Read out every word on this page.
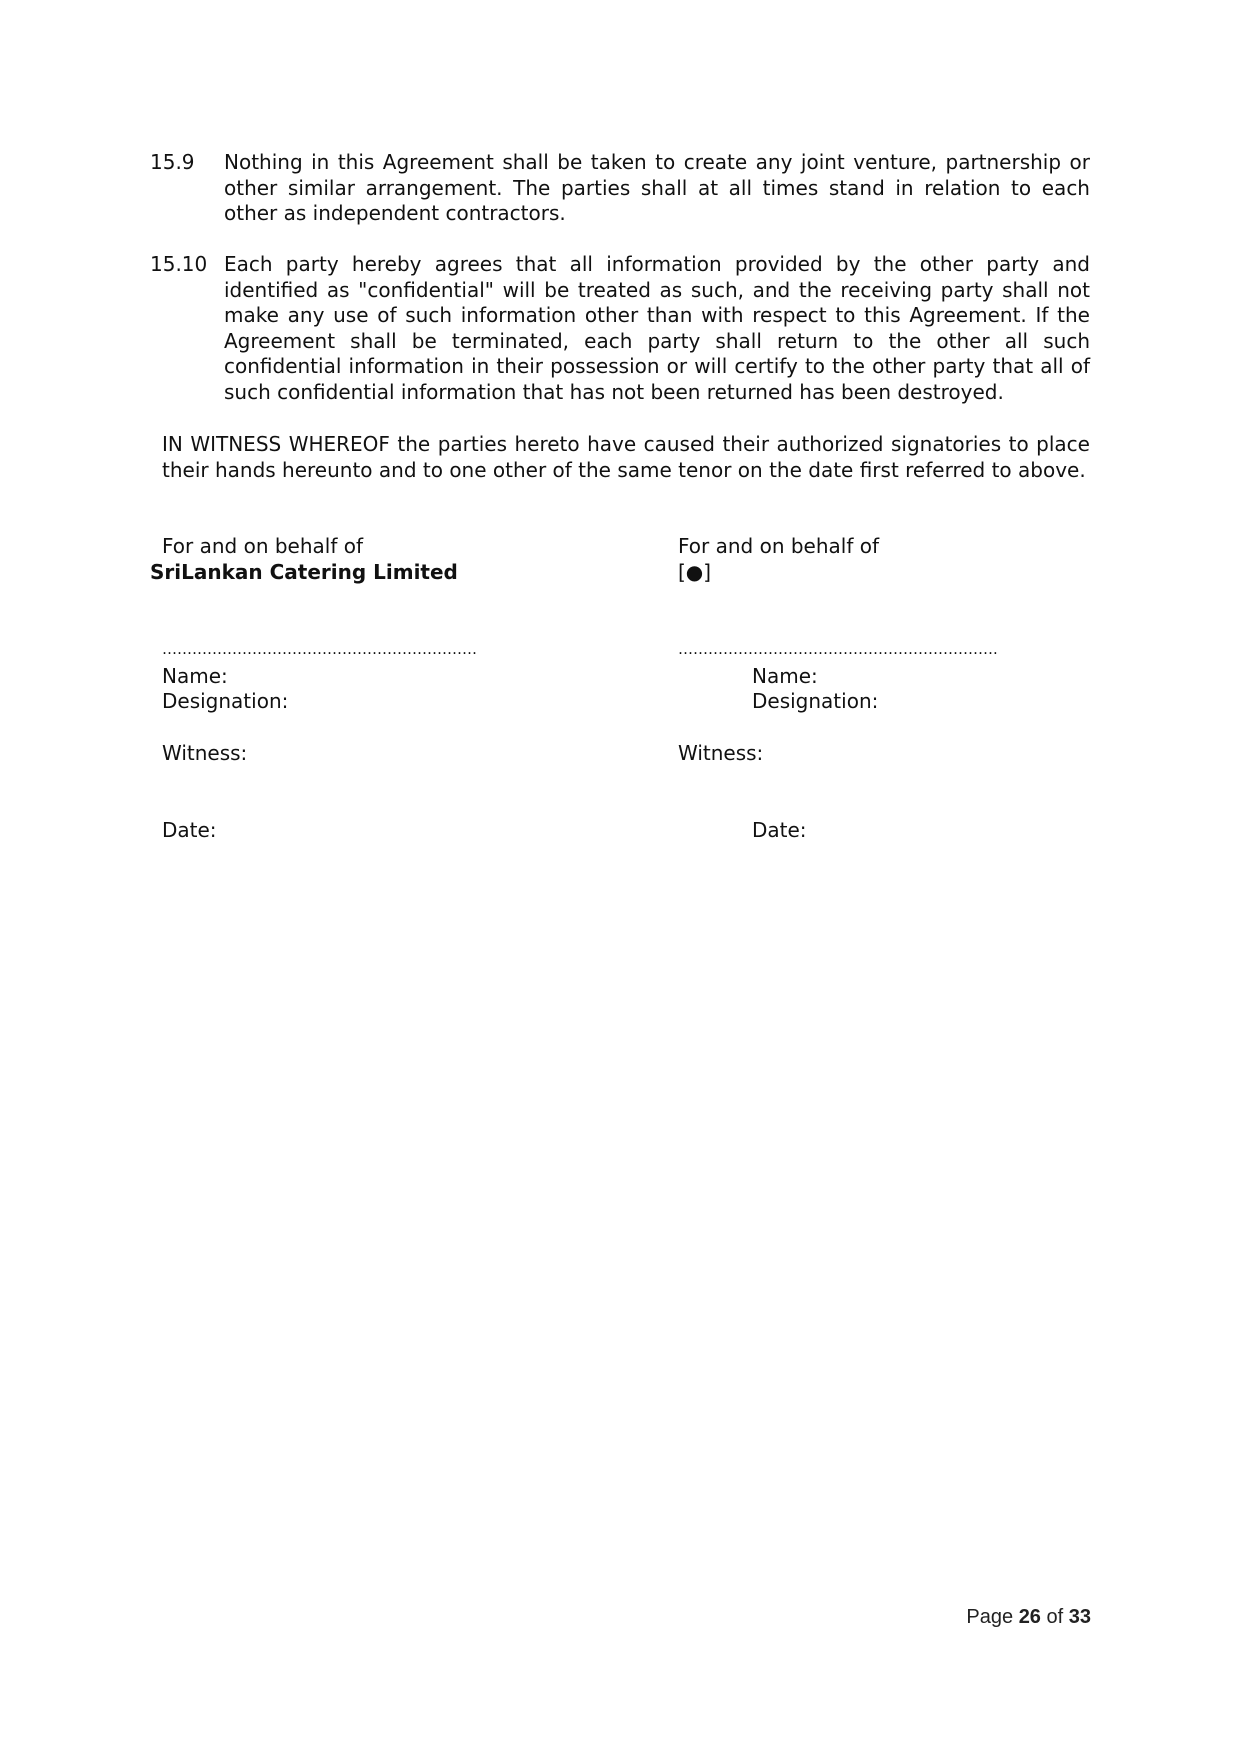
15.9 Nothing in this Agreement shall be taken to create any joint venture, partnership or other similar arrangement. The parties shall at all times stand in relation to each other as independent contractors.
15.10 Each party hereby agrees that all information provided by the other party and identified as "confidential" will be treated as such, and the receiving party shall not make any use of such information other than with respect to this Agreement. If the Agreement shall be terminated, each party shall return to the other all such confidential information in their possession or will certify to the other party that all of such confidential information that has not been returned has been destroyed.
IN WITNESS WHEREOF the parties hereto have caused their authorized signatories to place their hands hereunto and to one other of the same tenor on the date first referred to above.
For and on behalf of
SriLankan Catering Limited
………………………………………………………
Name:
Designation:
Witness:
Date:
For and on behalf of
[●]
……………………………………………………….
Name:
Designation:
Witness:
Date:
Page 26 of 33
